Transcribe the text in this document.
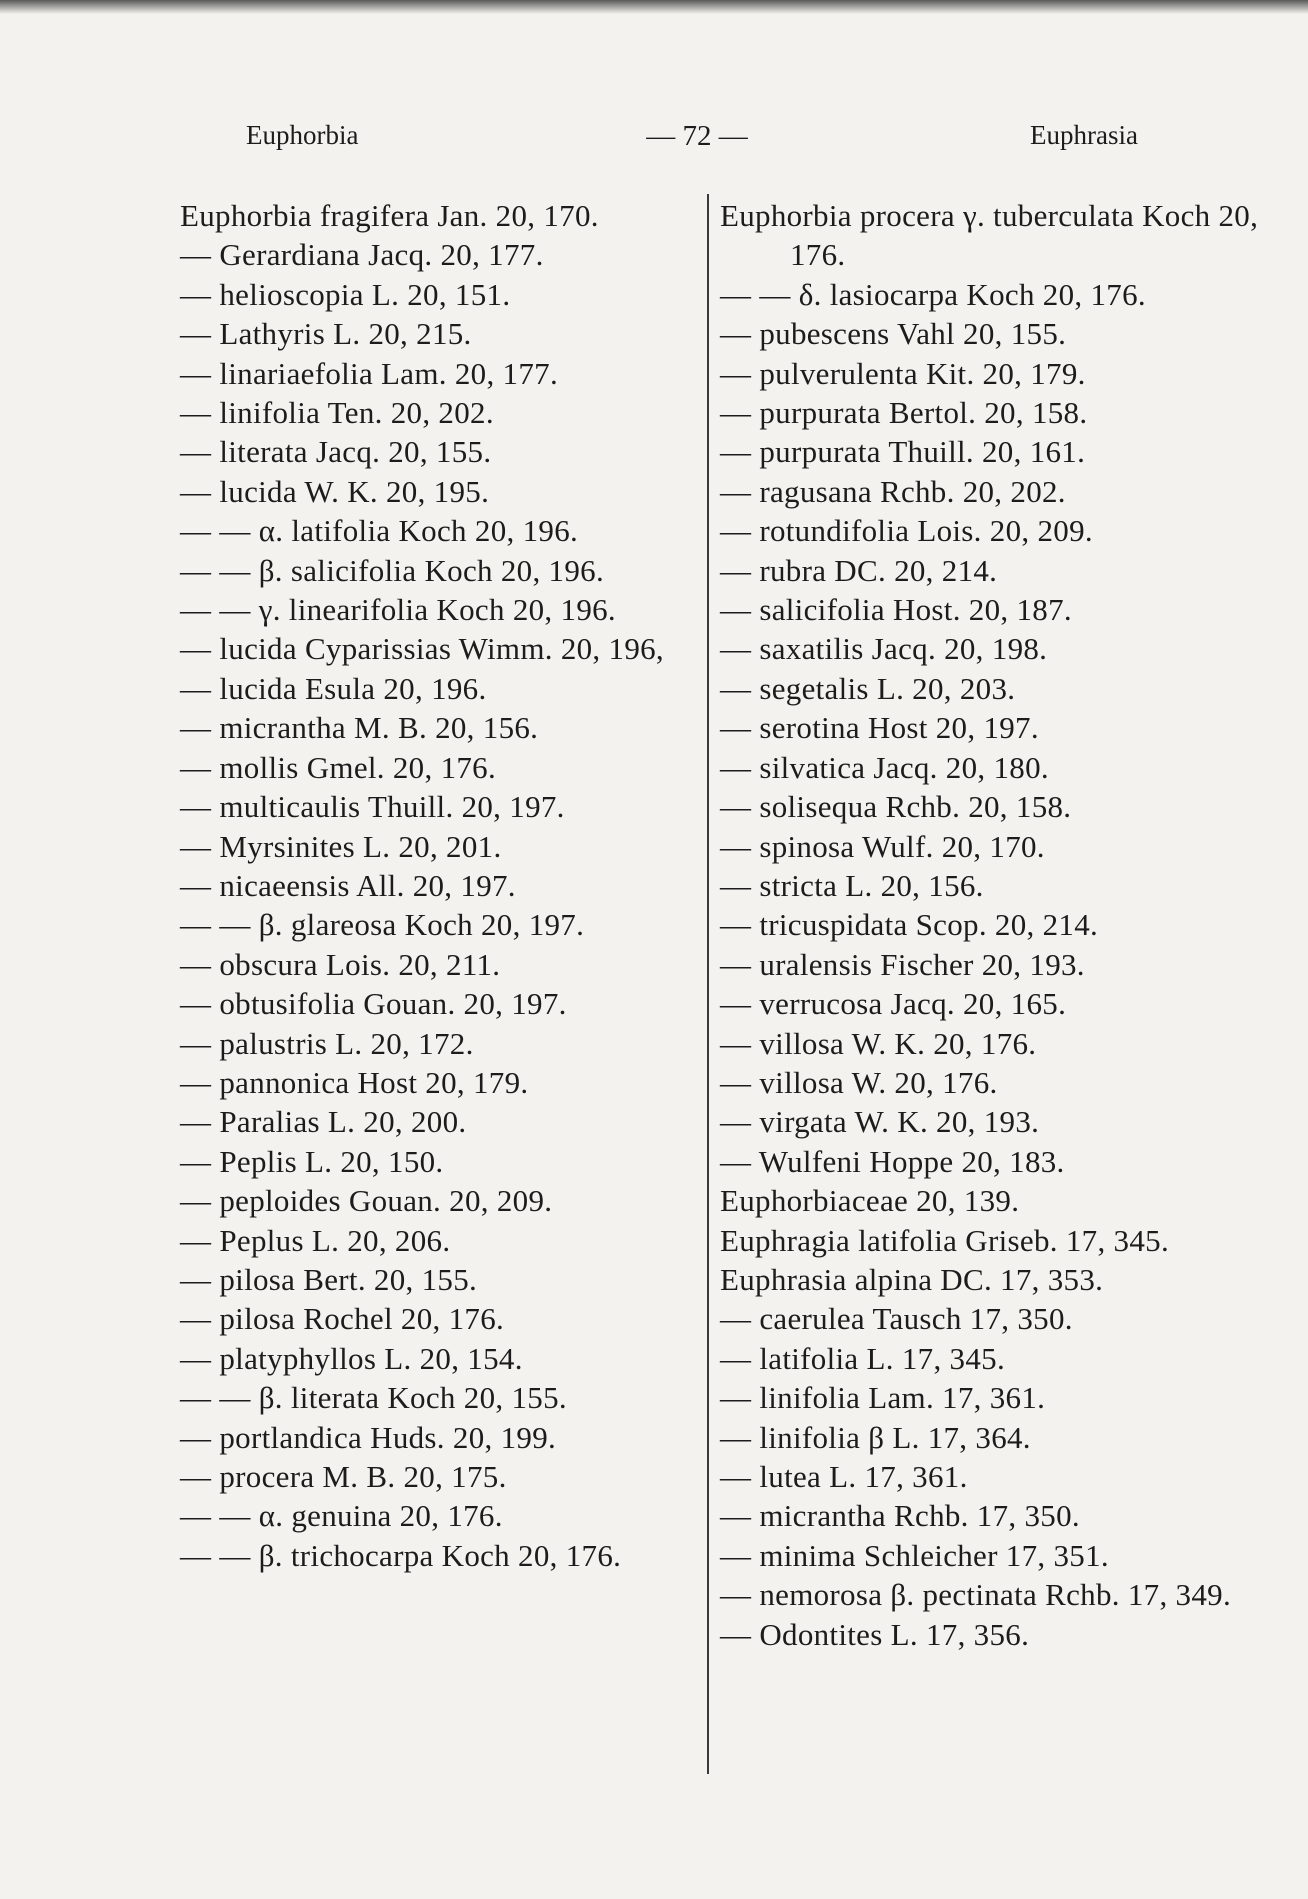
Euphorbia	— 72 —	Euphrasia
Euphorbia fragifera Jan. 20, 170.
— Gerardiana Jacq. 20, 177.
— helioscopia L. 20, 151.
— Lathyris L. 20, 215.
— linariaefolia Lam. 20, 177.
— linifolia Ten. 20, 202.
— literata Jacq. 20, 155.
— lucida W. K. 20, 195.
— — α. latifolia Koch 20, 196.
— — β. salicifolia Koch 20, 196.
— — γ. linearifolia Koch 20, 196.
— lucida Cyparissias Wimm. 20, 196,
— lucida Esula 20, 196.
— micrantha M. B. 20, 156.
— mollis Gmel. 20, 176.
— multicaulis Thuill. 20, 197.
— Myrsinites L. 20, 201.
— nicaeensis All. 20, 197.
— — β. glareosa Koch 20, 197.
— obscura Lois. 20, 211.
— obtusifolia Gouan. 20, 197.
— palustris L. 20, 172.
— pannonica Host 20, 179.
— Paralias L. 20, 200.
— Peplis L. 20, 150.
— peploides Gouan. 20, 209.
— Peplus L. 20, 206.
— pilosa Bert. 20, 155.
— pilosa Rochel 20, 176.
— platyphyllos L. 20, 154.
— — β. literata Koch 20, 155.
— portlandica Huds. 20, 199.
— procera M. B. 20, 175.
— — α. genuina 20, 176.
— — β. trichocarpa Koch 20, 176.
Euphorbia procera γ. tuberculata Koch 20, 176.
— — δ. lasiocarpa Koch 20, 176.
— pubescens Vahl 20, 155.
— pulverulenta Kit. 20, 179.
— purpurata Bertol. 20, 158.
— purpurata Thuill. 20, 161.
— ragusana Rchb. 20, 202.
— rotundifolia Lois. 20, 209.
— rubra DC. 20, 214.
— salicifolia Host. 20, 187.
— saxatilis Jacq. 20, 198.
— segetalis L. 20, 203.
— serotina Host 20, 197.
— silvatica Jacq. 20, 180.
— solisequa Rchb. 20, 158.
— spinosa Wulf. 20, 170.
— stricta L. 20, 156.
— tricuspidata Scop. 20, 214.
— uralensis Fischer 20, 193.
— verrucosa Jacq. 20, 165.
— villosa W. K. 20, 176.
— villosa W. 20, 176.
— virgata W. K. 20, 193.
— Wulfeni Hoppe 20, 183.
Euphorbiaceae 20, 139.
Euphragia latifolia Griseb. 17, 345.
Euphrasia alpina DC. 17, 353.
— caerulea Tausch 17, 350.
— latifolia L. 17, 345.
— linifolia Lam. 17, 361.
— linifolia β L. 17, 364.
— lutea L. 17, 361.
— micrantha Rchb. 17, 350.
— minima Schleicher 17, 351.
— nemorosa β. pectinata Rchb. 17, 349.
— Odontites L. 17, 356.
